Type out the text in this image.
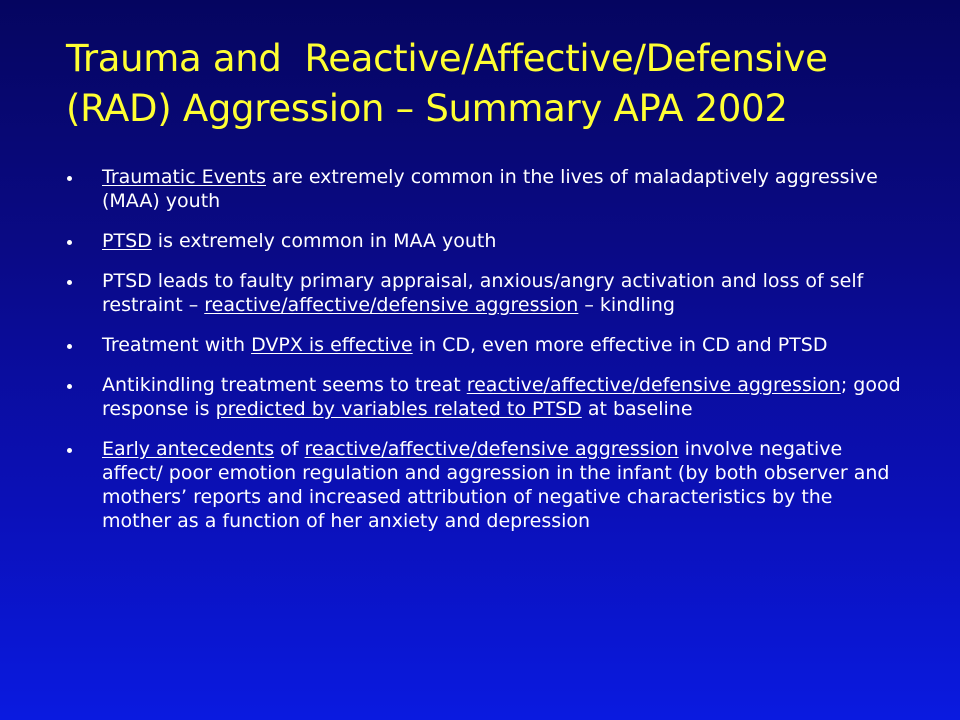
Trauma and  Reactive/Affective/Defensive
(RAD) Aggression – Summary APA 2002
Traumatic Events are extremely common in the lives of maladaptively aggressive (MAA) youth
PTSD is extremely common in MAA youth
PTSD leads to faulty primary appraisal, anxious/angry activation and loss of self restraint – reactive/affective/defensive aggression – kindling
Treatment with DVPX is effective in CD, even more effective in CD and PTSD
Antikindling treatment seems to treat reactive/affective/defensive aggression; good response is predicted by variables related to PTSD at baseline
Early antecedents of reactive/affective/defensive aggression involve negative affect/ poor emotion regulation and aggression in the infant (by both observer and mothers’ reports and increased attribution of negative characteristics by the mother as a function of her anxiety and depression
